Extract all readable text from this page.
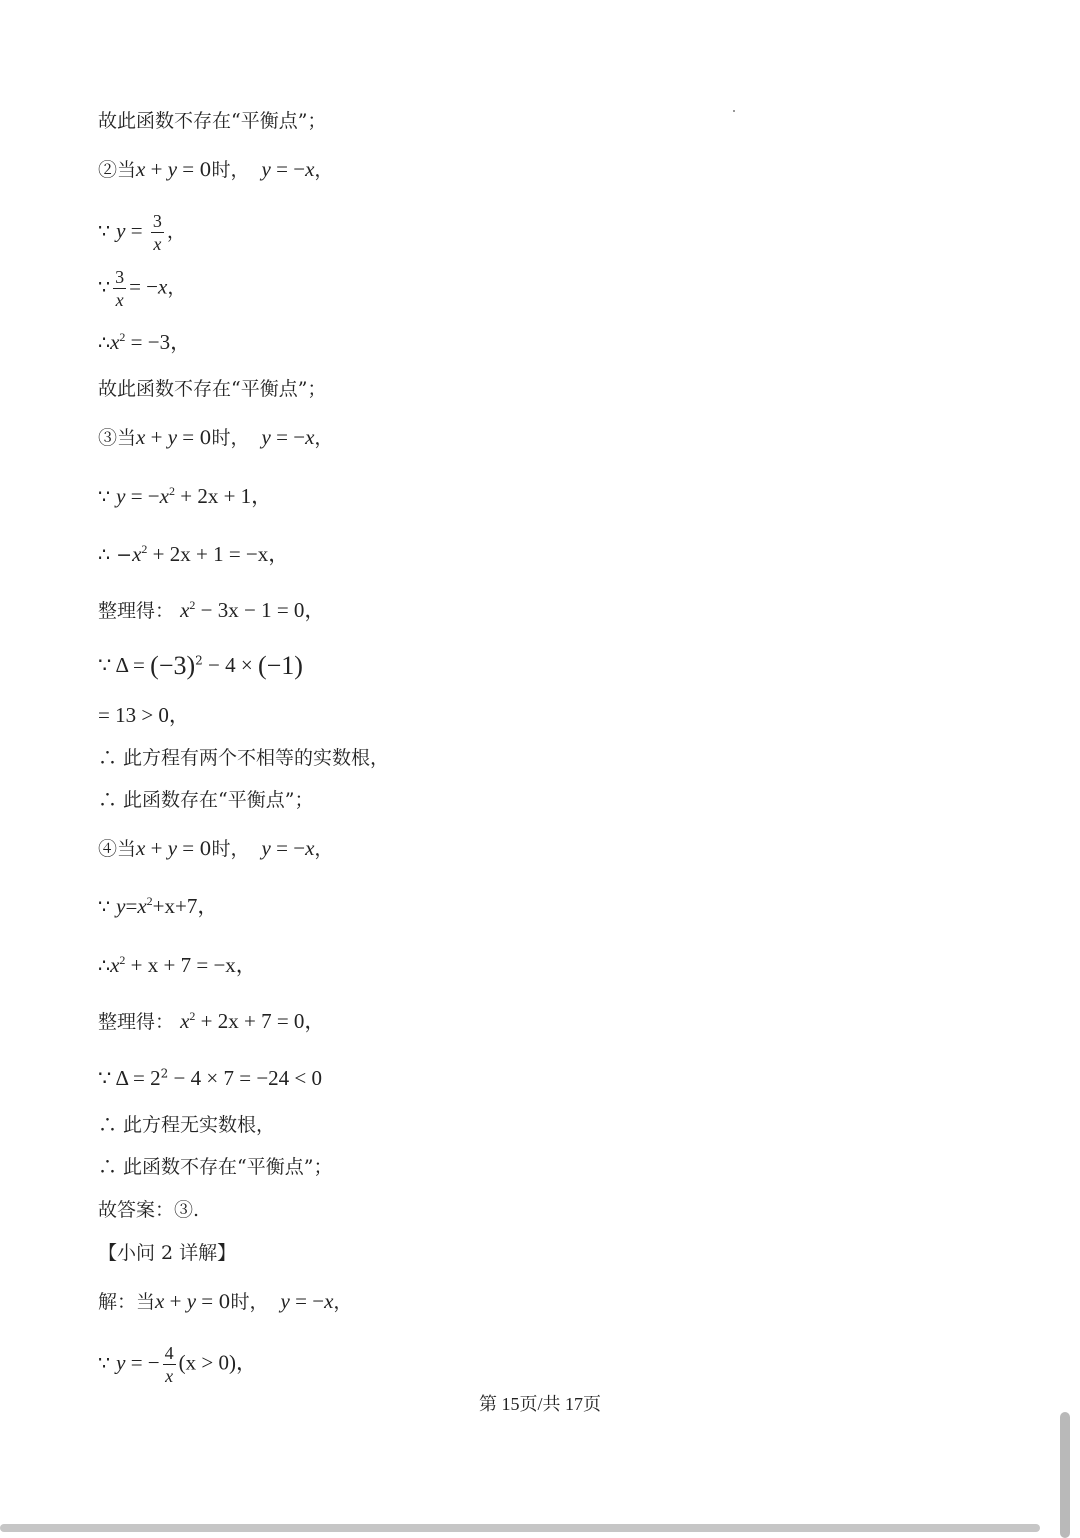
故此函数不存在“平衡点”；
②当x + y = 0时， y = −x，
∵ $y = \frac{3}{x}$ ，
∵ $\frac{3}{x} = -x$，
$\therefore x^2 = -3$，
故此函数不存在“平衡点”；
③当x + y = 0时， y = −x，
∵ $y = -x^2 + 2x + 1$，
∴ $-x^2 + 2x + 1 = -x$，
整理得： $x^2 - 3x - 1 = 0$，
∵ $\Delta = (-3)^2 - 4 \times (-1)$
= 13 > 0，
∴ 此方程有两个不相等的实数根，
∴ 此函数存在“平衡点”；
④当x + y = 0时， y = −x，
∵ $y=x^2+x+7$，
$\therefore x^2 + x + 7 = -x$，
整理得： $x^2 + 2x + 7 = 0$，
∵ $\Delta = 2^2 - 4 \times 7 = -24 < 0$
∴ 此方程无实数根，
∴ 此函数不存在“平衡点”；
故答案：③.
【小问 2 详解】
解：当x + y = 0时， y = −x，
∵ y = − $\frac{4}{x} (x > 0)$，
第 15页/共 17页
